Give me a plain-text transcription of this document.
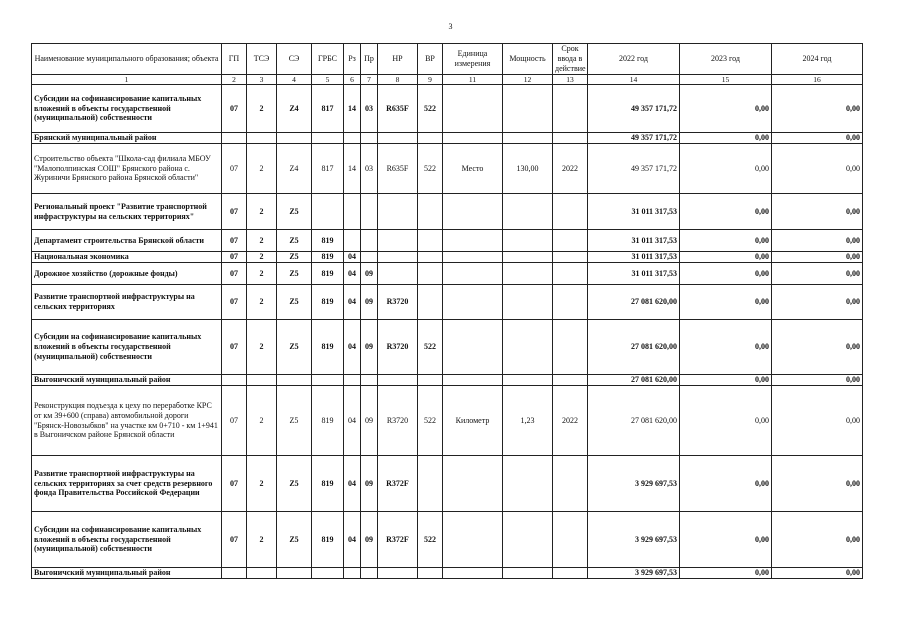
3
Наименование муниципального образования; объекта	ГП	ТСЭ	СЭ	ГРБС	Рз	Пр	НР	ВР	Единица измерения	Мощность	Срок ввода в действие	2022 год	2023 год	2024 год
1	2	3	4	5	6	7	8	9	11	12	13	14	15	16
Субсидии на софинансирование капитальных вложений в объекты государственной (муниципальной) собственности	07	2	Z4	817	14	03	R635F	522				49 357 171,72	0,00	0,00
Брянский муниципальный район												49 357 171,72	0,00	0,00
Строительство объекта "Школа-сад филиала МБОУ "Малополпинская СОШ" Брянского района с. Журиничи Брянского района Брянской области"	07	2	Z4	817	14	03	R635F	522	Место	130,00	2022	49 357 171,72	0,00	0,00
Региональный проект "Развитие транспортной инфраструктуры на сельских территориях"	07	2	Z5									31 011 317,53	0,00	0,00
Департамент строительства Брянской области	07	2	Z5	819								31 011 317,53	0,00	0,00
Национальная экономика	07	2	Z5	819	04							31 011 317,53	0,00	0,00
Дорожное хозяйство (дорожные фонды)	07	2	Z5	819	04	09						31 011 317,53	0,00	0,00
Развитие транспортной инфраструктуры на сельских территориях	07	2	Z5	819	04	09	R3720					27 081 620,00	0,00	0,00
Субсидии на софинансирование капитальных вложений в объекты государственной (муниципальной) собственности	07	2	Z5	819	04	09	R3720	522				27 081 620,00	0,00	0,00
Выгоничский муниципальный район												27 081 620,00	0,00	0,00
Реконструкция подъезда к цеху по переработке КРС от км 39+600 (справа) автомобильной дороги "Брянск-Новозыбков" на участке км 0+710 - км 1+941 в Выгоничском районе Брянской области	07	2	Z5	819	04	09	R3720	522	Километр	1,23	2022	27 081 620,00	0,00	0,00
Развитие транспортной инфраструктуры на сельских территориях за счет средств резервного фонда Правительства Российской Федерации	07	2	Z5	819	04	09	R372F					3 929 697,53	0,00	0,00
Субсидии на софинансирование капитальных вложений в объекты государственной (муниципальной) собственности	07	2	Z5	819	04	09	R372F	522				3 929 697,53	0,00	0,00
Выгоничский муниципальный район												3 929 697,53	0,00	0,00
